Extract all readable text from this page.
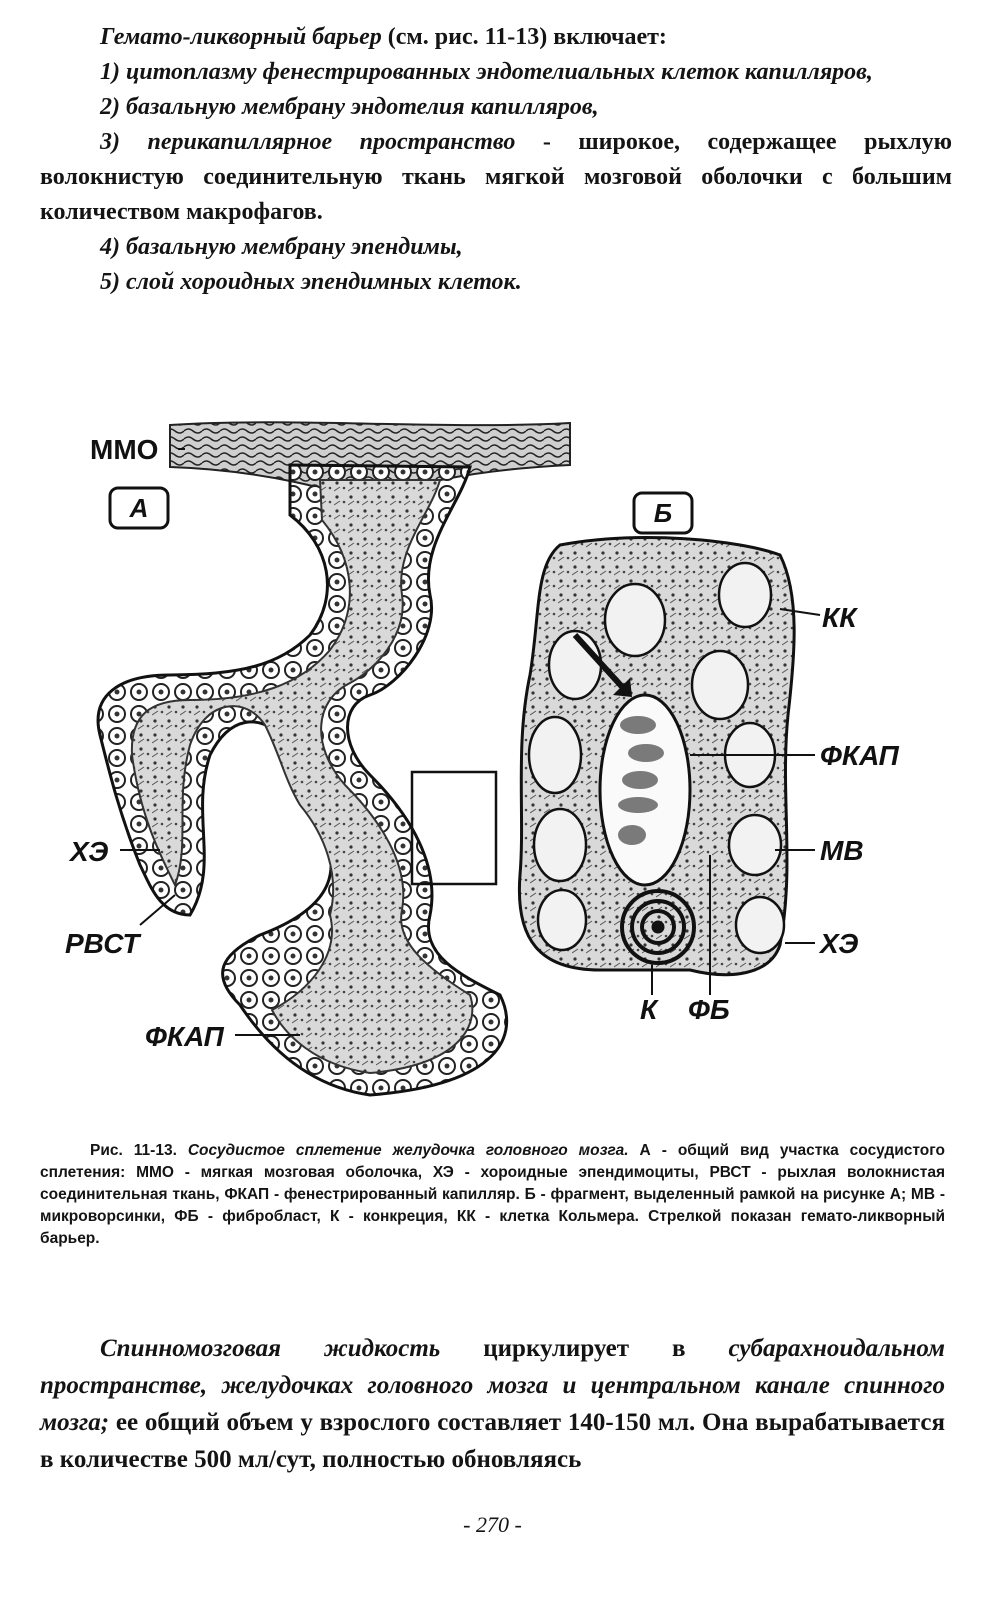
Гемато-ликворный барьер (см. рис. 11-13) включает:

1) цитоплазму фенестрированных эндотелиальных клеток капилляров,

2) базальную мембрану эндотелия капилляров,

3) перикапиллярное пространство - широкое, содержащее рыхлую волокнистую соединительную ткань мягкой мозговой оболочки с большим количеством макрофагов.

4) базальную мембрану эпендимы,

5) слой хороидных эпендимных клеток.

А	Б
ММО
ХЭ
РВСТ
ФКАП
КК
ФКАП
МВ
ХЭ
К ФБ
Рис. 11-13. Сосудистое сплетение желудочка головного мозга. А - общий вид участка сосудистого сплетения: ММО - мягкая мозговая оболочка, ХЭ - хороидные эпендимоциты, РВСТ - рыхлая волокнистая соединительная ткань, ФКАП - фенестрированный капилляр. Б - фрагмент, выделенный рамкой на рисунке А; МВ - микроворсинки, ФБ - фибробласт, К - конкреция, КК - клетка Кольмера. Стрелкой показан гемато-ликворный барьер.

Спинномозговая жидкость циркулирует в субарахноидальном пространстве, желудочках головного мозга и центральном канале спинного мозга; ее общий объем у взрослого составляет 140-150 мл. Она вырабатывается в количестве 500 мл/сут, полностью обновляясь

- 270 -
